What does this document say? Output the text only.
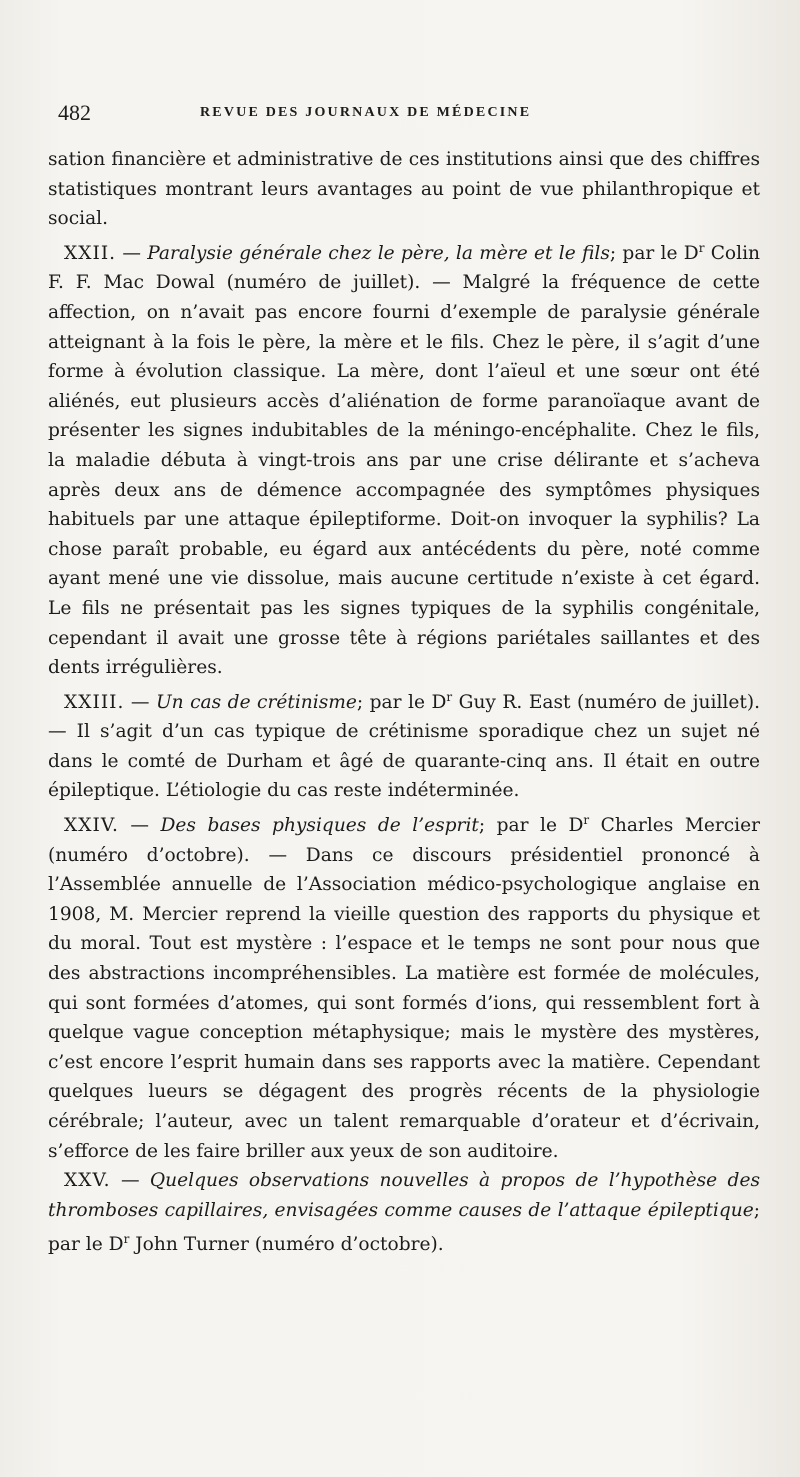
482	REVUE DES JOURNAUX DE MÉDECINE

sation financière et administrative de ces institutions ainsi que des chiffres statistiques montrant leurs avantages au point de vue philanthropique et social.

XXII. — Paralysie générale chez le père, la mère et le fils; par le $D^r$ Colin F. F. Mac Dowal (numéro de juillet). — Malgré la fréquence de cette affection, on n’avait pas encore fourni d’exemple de paralysie générale atteignant à la fois le père, la mère et le fils. Chez le père, il s’agit d’une forme à évolution classique. La mère, dont l’aïeul et une sœur ont été aliénés, eut plusieurs accès d’aliénation de forme paranoïaque avant de présenter les signes indubitables de la méningo-encéphalite. Chez le fils, la maladie débuta à vingt-trois ans par une crise délirante et s’acheva après deux ans de démence accompagnée des symptômes physiques habituels par une attaque épileptiforme. Doit-on invoquer la syphilis? La chose paraît probable, eu égard aux antécédents du père, noté comme ayant mené une vie dissolue, mais aucune certitude n’existe à cet égard. Le fils ne présentait pas les signes typiques de la syphilis congénitale, cependant il avait une grosse tête à régions pariétales saillantes et des dents irrégulières.

XXIII. — Un cas de crétinisme; par le $D^r$ Guy R. East (numéro de juillet). — Il s’agit d’un cas typique de crétinisme sporadique chez un sujet né dans le comté de Durham et âgé de quarante-cinq ans. Il était en outre épileptique. L’étiologie du cas reste indéterminée.

XXIV. — Des bases physiques de l’esprit; par le $D^r$ Charles Mercier (numéro d’octobre). — Dans ce discours présidentiel prononcé à l’Assemblée annuelle de l’Association médico-psychologique anglaise en 1908, M. Mercier reprend la vieille question des rapports du physique et du moral. Tout est mystère : l’espace et le temps ne sont pour nous que des abstractions incompréhensibles. La matière est formée de molécules, qui sont formées d’atomes, qui sont formés d’ions, qui ressemblent fort à quelque vague conception métaphysique; mais le mystère des mystères, c’est encore l’esprit humain dans ses rapports avec la matière. Cependant quelques lueurs se dégagent des progrès récents de la physiologie cérébrale; l’auteur, avec un talent remarquable d’orateur et d’écrivain, s’efforce de les faire briller aux yeux de son auditoire.

XXV. — Quelques observations nouvelles à propos de l’hypothèse des thromboses capillaires, envisagées comme causes de l’attaque épileptique; par le $D^r$ John Turner (numéro d’octobre).
